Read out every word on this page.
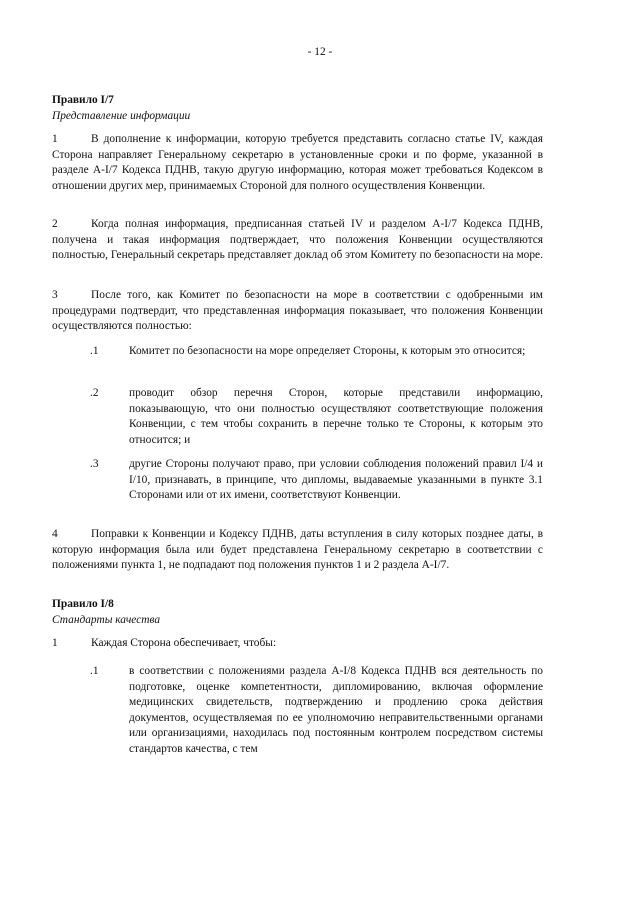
- 12 -

Правило I/7

Представление информации

1	В дополнение к информации, которую требуется представить согласно статье IV, каждая Сторона направляет Генеральному секретарю в установленные сроки и по форме, указанной в разделе A-I/7 Кодекса ПДНВ, такую другую информацию, которая может требоваться Кодексом в отношении других мер, принимаемых Стороной для полного осуществления Конвенции.

2	Когда полная информация, предписанная статьей IV и разделом A-I/7 Кодекса ПДНВ, получена и такая информация подтверждает, что положения Конвенции осуществляются полностью, Генеральный секретарь представляет доклад об этом Комитету по безопасности на море.

3	После того, как Комитет по безопасности на море в соответствии с одобренными им процедурами подтвердит, что представленная информация показывает, что положения Конвенции осуществляются полностью:

.1	Комитет по безопасности на море определяет Стороны, к которым это относится;
.2	проводит обзор перечня Сторон, которые представили информацию, показывающую, что они полностью осуществляют соответствующие положения Конвенции, с тем чтобы сохранить в перечне только те Стороны, к которым это относится; и
.3	другие Стороны получают право, при условии соблюдения положений правил I/4 и I/10, признавать, в принципе, что дипломы, выдаваемые указанными в пункте 3.1 Сторонами или от их имени, соответствуют Конвенции.

4	Поправки к Конвенции и Кодексу ПДНВ, даты вступления в силу которых позднее даты, в которую информация была или будет представлена Генеральному секретарю в соответствии с положениями пункта 1, не подпадают под положения пунктов 1 и 2 раздела A-I/7.

Правило I/8

Стандарты качества

1	Каждая Сторона обеспечивает, чтобы:
.1	в соответствии с положениями раздела A-I/8 Кодекса ПДНВ вся деятельность по подготовке, оценке компетентности, дипломированию, включая оформление медицинских свидетельств, подтверждению и продлению срока действия документов, осуществляемая по ее уполномочию неправительственными органами или организациями, находилась под постоянным контролем посредством системы стандартов качества, с тем
